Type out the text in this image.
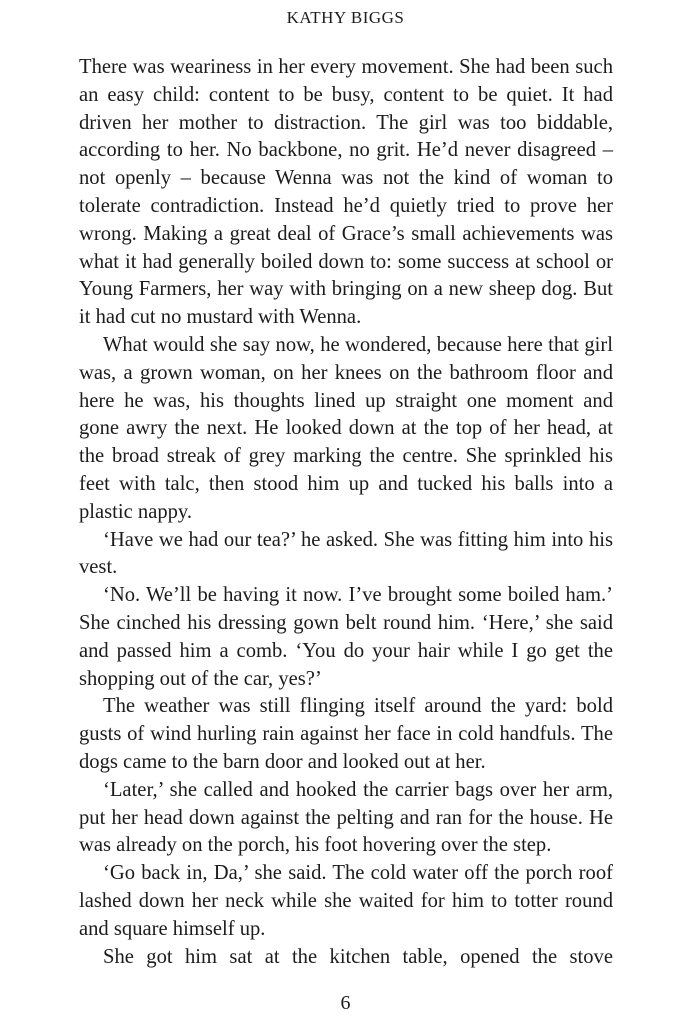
KATHY BIGGS

There was weariness in her every movement. She had been such an easy child: content to be busy, content to be quiet. It had driven her mother to distraction. The girl was too biddable, according to her. No backbone, no grit. He’d never disagreed – not openly – because Wenna was not the kind of woman to tolerate contradiction. Instead he’d quietly tried to prove her wrong. Making a great deal of Grace’s small achievements was what it had generally boiled down to: some success at school or Young Farmers, her way with bringing on a new sheep dog. But it had cut no mustard with Wenna.

What would she say now, he wondered, because here that girl was, a grown woman, on her knees on the bathroom floor and here he was, his thoughts lined up straight one moment and gone awry the next. He looked down at the top of her head, at the broad streak of grey marking the centre. She sprinkled his feet with talc, then stood him up and tucked his balls into a plastic nappy.

‘Have we had our tea?’ he asked. She was fitting him into his vest.

‘No. We’ll be having it now. I’ve brought some boiled ham.’ She cinched his dressing gown belt round him. ‘Here,’ she said and passed him a comb. ‘You do your hair while I go get the shopping out of the car, yes?’

The weather was still flinging itself around the yard: bold gusts of wind hurling rain against her face in cold handfuls. The dogs came to the barn door and looked out at her.

‘Later,’ she called and hooked the carrier bags over her arm, put her head down against the pelting and ran for the house. He was already on the porch, his foot hovering over the step.

‘Go back in, Da,’ she said. The cold water off the porch roof lashed down her neck while she waited for him to totter round and square himself up.

She got him sat at the kitchen table, opened the stove

6
